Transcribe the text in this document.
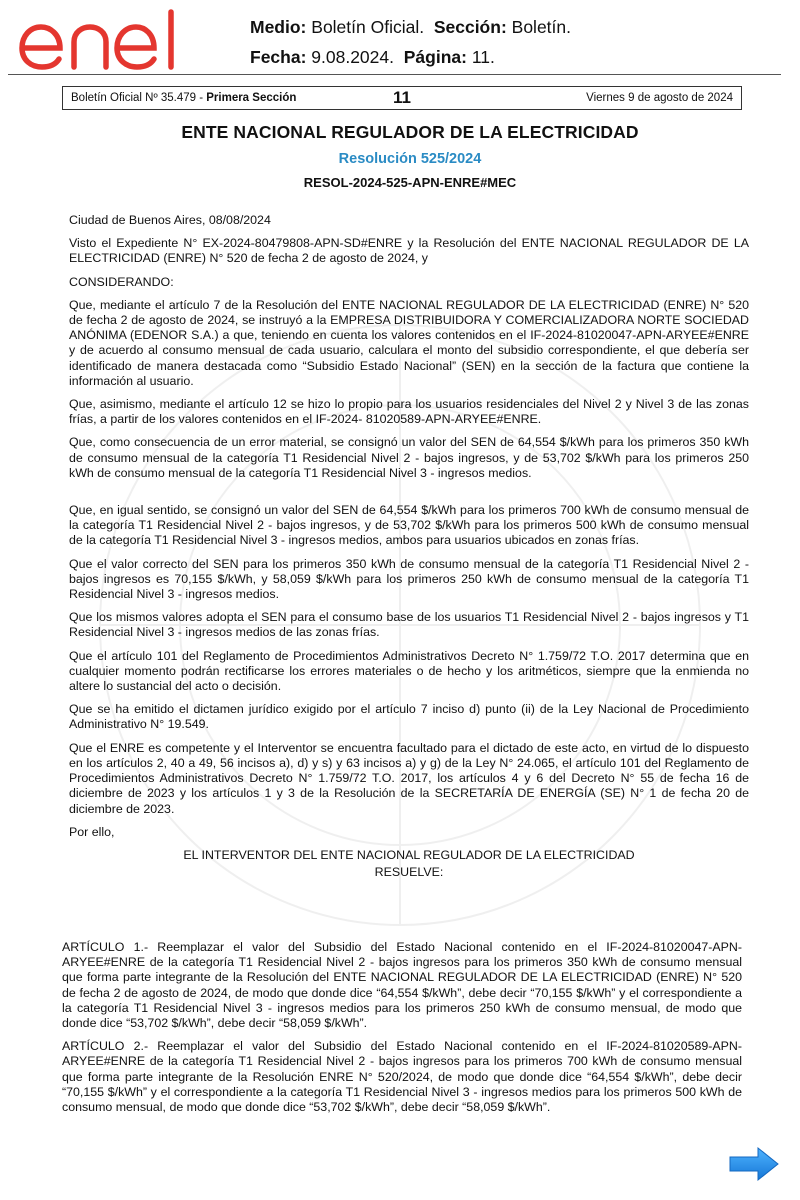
Medio: Boletín Oficial. Sección: Boletín.
Fecha: 9.08.2024. Página: 11.
Boletín Oficial Nº 35.479 - Primera Sección	11	Viernes 9 de agosto de 2024
ENTE NACIONAL REGULADOR DE LA ELECTRICIDAD
Resolución 525/2024
RESOL-2024-525-APN-ENRE#MEC

Ciudad de Buenos Aires, 08/08/2024

Visto el Expediente N° EX-2024-80479808-APN-SD#ENRE y la Resolución del ENTE NACIONAL REGULADOR DE LA ELECTRICIDAD (ENRE) N° 520 de fecha 2 de agosto de 2024, y

CONSIDERANDO:

Que, mediante el artículo 7 de la Resolución del ENTE NACIONAL REGULADOR DE LA ELECTRICIDAD (ENRE) N° 520 de fecha 2 de agosto de 2024, se instruyó a la EMPRESA DISTRIBUIDORA Y COMERCIALIZADORA NORTE SOCIEDAD ANÓNIMA (EDENOR S.A.) a que, teniendo en cuenta los valores contenidos en el IF-2024-81020047-APN-ARYEE#ENRE y de acuerdo al consumo mensual de cada usuario, calculara el monto del subsidio correspondiente, el que debería ser identificado de manera destacada como “Subsidio Estado Nacional” (SEN) en la sección de la factura que contiene la información al usuario.

Que, asimismo, mediante el artículo 12 se hizo lo propio para los usuarios residenciales del Nivel 2 y Nivel 3 de las zonas frías, a partir de los valores contenidos en el IF-2024- 81020589-APN-ARYEE#ENRE.

Que, como consecuencia de un error material, se consignó un valor del SEN de 64,554 $/kWh para los primeros 350 kWh de consumo mensual de la categoría T1 Residencial Nivel 2 - bajos ingresos, y de 53,702 $/kWh para los primeros 250 kWh de consumo mensual de la categoría T1 Residencial Nivel 3 - ingresos medios.

Que, en igual sentido, se consignó un valor del SEN de 64,554 $/kWh para los primeros 700 kWh de consumo mensual de la categoría T1 Residencial Nivel 2 - bajos ingresos, y de 53,702 $/kWh para los primeros 500 kWh de consumo mensual de la categoría T1 Residencial Nivel 3 - ingresos medios, ambos para usuarios ubicados en zonas frías.

Que el valor correcto del SEN para los primeros 350 kWh de consumo mensual de la categoría T1 Residencial Nivel 2 - bajos ingresos es 70,155 $/kWh, y 58,059 $/kWh para los primeros 250 kWh de consumo mensual de la categoría T1 Residencial Nivel 3 - ingresos medios.

Que los mismos valores adopta el SEN para el consumo base de los usuarios T1 Residencial Nivel 2 - bajos ingresos y T1 Residencial Nivel 3 - ingresos medios de las zonas frías.

Que el artículo 101 del Reglamento de Procedimientos Administrativos Decreto N° 1.759/72 T.O. 2017 determina que en cualquier momento podrán rectificarse los errores materiales o de hecho y los aritméticos, siempre que la enmienda no altere lo sustancial del acto o decisión.

Que se ha emitido el dictamen jurídico exigido por el artículo 7 inciso d) punto (ii) de la Ley Nacional de Procedimiento Administrativo N° 19.549.

Que el ENRE es competente y el Interventor se encuentra facultado para el dictado de este acto, en virtud de lo dispuesto en los artículos 2, 40 a 49, 56 incisos a), d) y s) y 63 incisos a) y g) de la Ley N° 24.065, el artículo 101 del Reglamento de Procedimientos Administrativos Decreto N° 1.759/72 T.O. 2017, los artículos 4 y 6 del Decreto N° 55 de fecha 16 de diciembre de 2023 y los artículos 1 y 3 de la Resolución de la SECRETARÍA DE ENERGÍA (SE) N° 1 de fecha 20 de diciembre de 2023.

Por ello,

EL INTERVENTOR DEL ENTE NACIONAL REGULADOR DE LA ELECTRICIDAD
RESUELVE:

ARTÍCULO 1.- Reemplazar el valor del Subsidio del Estado Nacional contenido en el IF-2024-81020047-APN-ARYEE#ENRE de la categoría T1 Residencial Nivel 2 - bajos ingresos para los primeros 350 kWh de consumo mensual que forma parte integrante de la Resolución del ENTE NACIONAL REGULADOR DE LA ELECTRICIDAD (ENRE) N° 520 de fecha 2 de agosto de 2024, de modo que donde dice “64,554 $/kWh”, debe decir “70,155 $/kWh” y el correspondiente a la categoría T1 Residencial Nivel 3 - ingresos medios para los primeros 250 kWh de consumo mensual, de modo que donde dice “53,702 $/kWh”, debe decir “58,059 $/kWh”.

ARTÍCULO 2.- Reemplazar el valor del Subsidio del Estado Nacional contenido en el IF-2024-81020589-APN-ARYEE#ENRE de la categoría T1 Residencial Nivel 2 - bajos ingresos para los primeros 700 kWh de consumo mensual que forma parte integrante de la Resolución ENRE N° 520/2024, de modo que donde dice “64,554 $/kWh”, debe decir “70,155 $/kWh” y el correspondiente a la categoría T1 Residencial Nivel 3 - ingresos medios para los primeros 500 kWh de consumo mensual, de modo que donde dice “53,702 $/kWh”, debe decir “58,059 $/kWh”.
